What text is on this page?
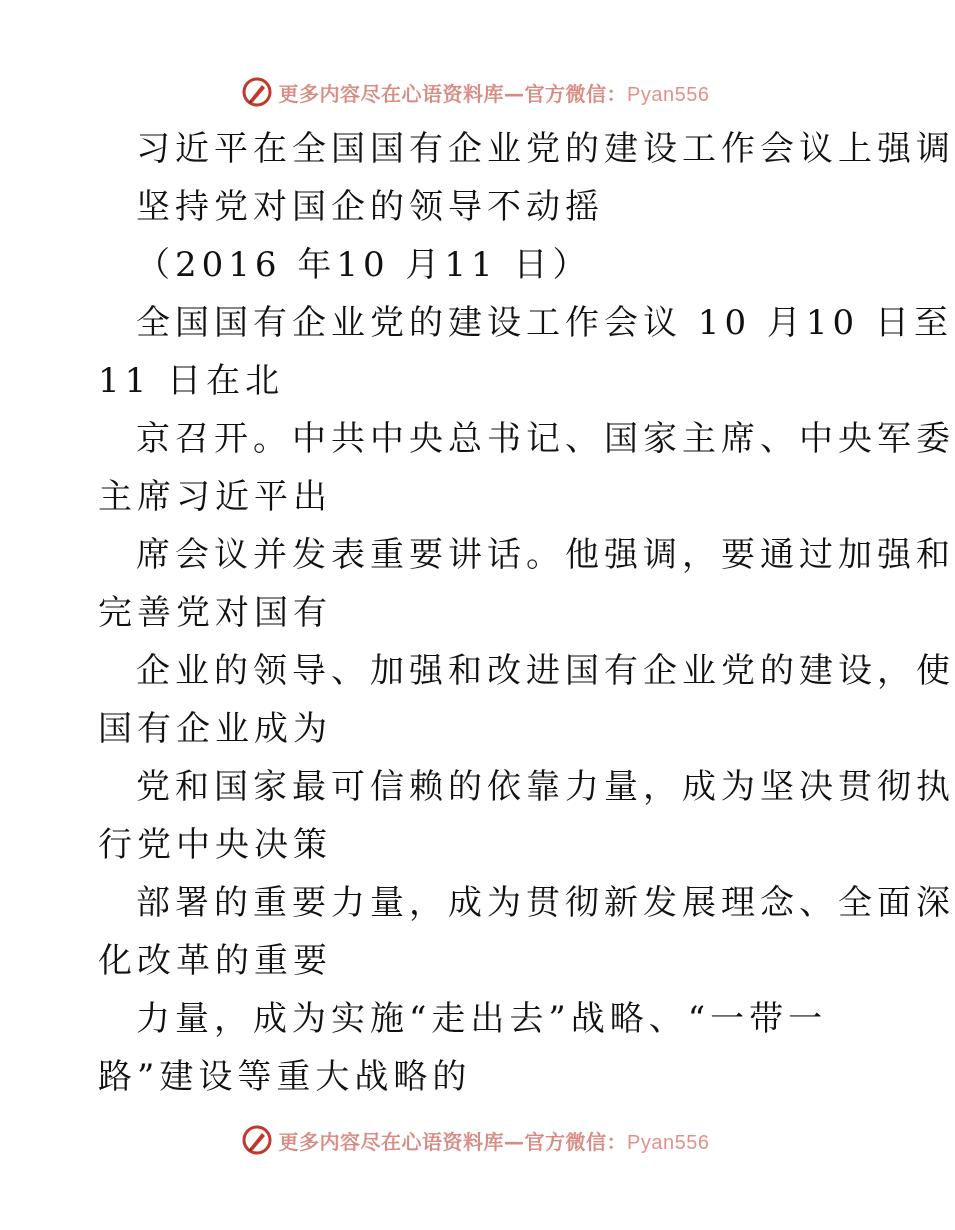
更多内容尽在心语资料库—官方微信：Pyan556
习近平在全国国有企业党的建设工作会议上强调
坚持党对国企的领导不动摇
（2016 年10 月11 日）
全国国有企业党的建设工作会议 10 月10 日至
11 日在北
京召开。中共中央总书记、国家主席、中央军委
主席习近平出
席会议并发表重要讲话。他强调，要通过加强和
完善党对国有
企业的领导、加强和改进国有企业党的建设，使
国有企业成为
党和国家最可信赖的依靠力量，成为坚决贯彻执
行党中央决策
部署的重要力量，成为贯彻新发展理念、全面深
化改革的重要
力量，成为实施“走出去”战略、“一带一
路”建设等重大战略的
更多内容尽在心语资料库—官方微信：Pyan556
